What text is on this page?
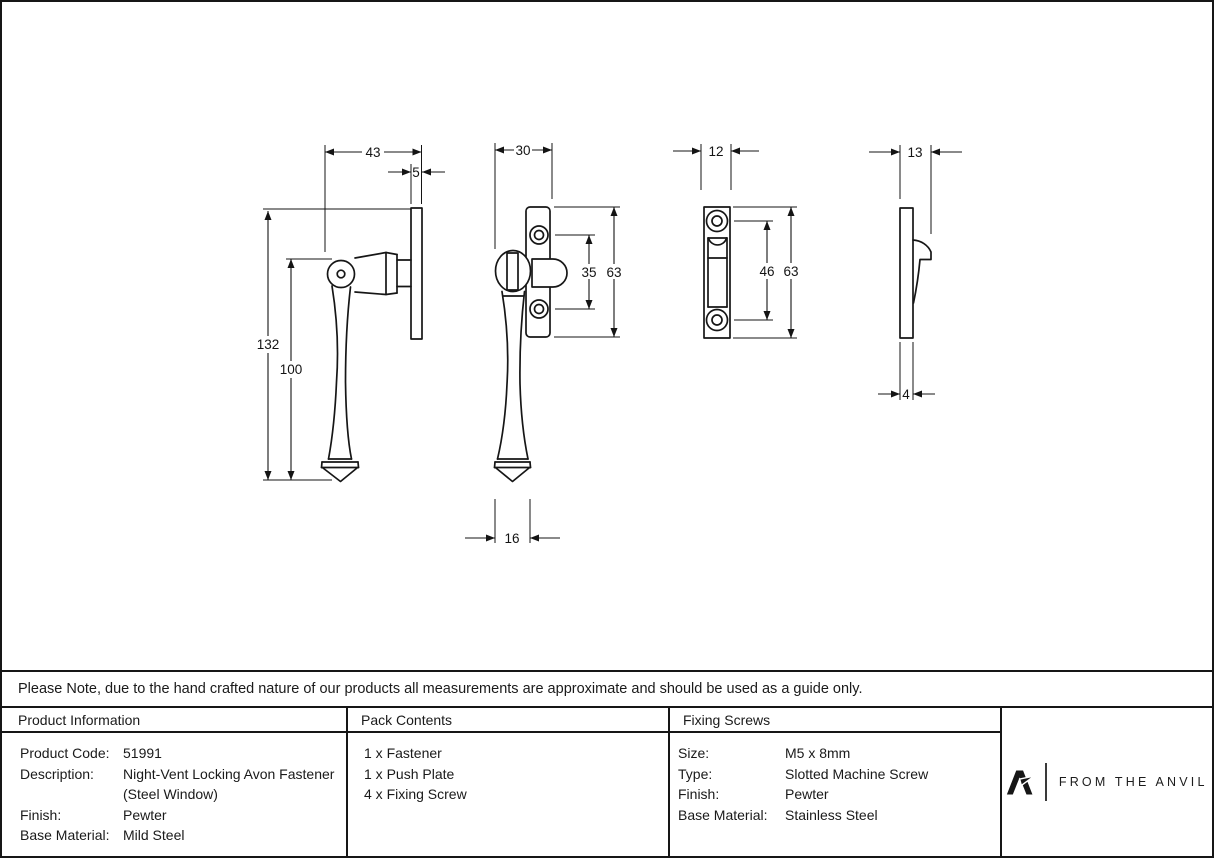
43
5
132
100
30
35 63
16
12
46 63
13
4
Please Note, due to the hand crafted nature of our products all measurements are approximate and should be used as a guide only.
Product Information
Product Code: 51991
Description:	Night-Vent Locking Avon Fastener
(Steel Window)
Finish:	Pewter
Base Material: Mild Steel
Pack Contents
1 x Fastener
1 x Push Plate
4 x Fixing Screw
Fixing Screws
Size:	M5 x 8mm
Type:	Slotted Machine Screw
Finish:	Pewter
Base Material:	Stainless Steel
FROM THE ANVIL
